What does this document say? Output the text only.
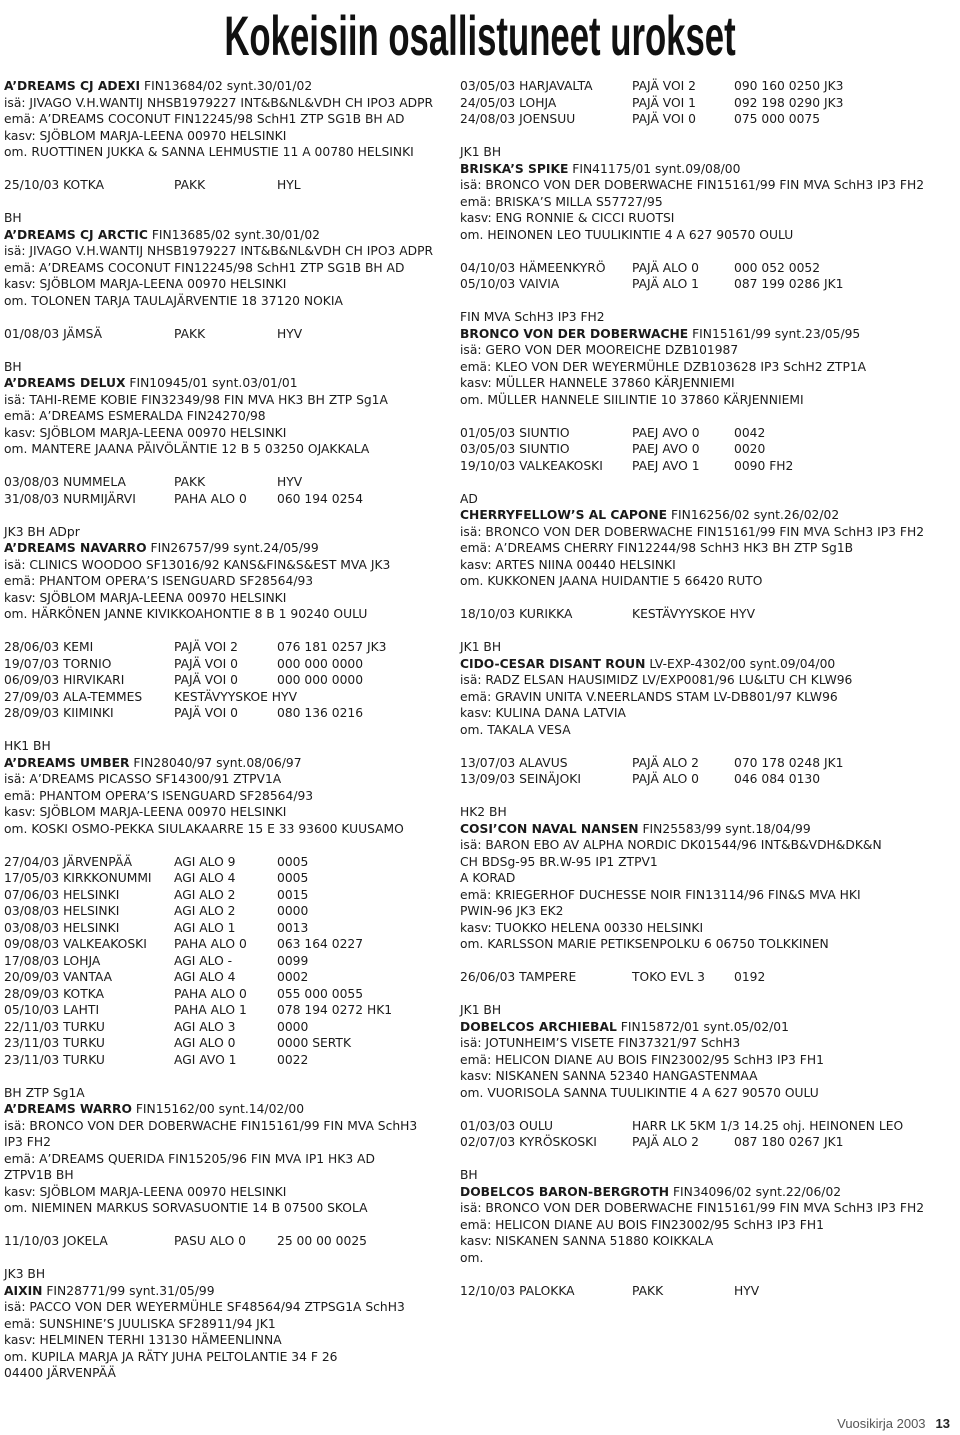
Kokeisiin osallistuneet urokset
A’DREAMS CJ ADEXI FIN13684/02 synt.30/01/02
isä: JIVAGO V.H.WANTIJ NHSB1979227 INT&B&NL&VDH CH IPO3 ADPR
emä: A’DREAMS COCONUT FIN12245/98 SchH1 ZTP SG1B BH AD
kasv: SJÖBLOM MARJA-LEENA 00970 HELSINKI
om. RUOTTINEN JUKKA & SANNA LEHMUSTIE 11 A 00780 HELSINKI
25/10/03 KOTKA	PAKK	HYL
BH
A’DREAMS CJ ARCTIC FIN13685/02 synt.30/01/02
isä: JIVAGO V.H.WANTIJ NHSB1979227 INT&B&NL&VDH CH IPO3 ADPR
emä: A’DREAMS COCONUT FIN12245/98 SchH1 ZTP SG1B BH AD
kasv: SJÖBLOM MARJA-LEENA 00970 HELSINKI
om. TOLONEN TARJA TAULAJÄRVENTIE 18 37120 NOKIA
01/08/03 JÄMSÄ	PAKK	HYV
BH
A’DREAMS DELUX FIN10945/01 synt.03/01/01
isä: TAHI-REME KOBIE FIN32349/98 FIN MVA HK3 BH ZTP Sg1A
emä: A’DREAMS ESMERALDA FIN24270/98
kasv: SJÖBLOM MARJA-LEENA 00970 HELSINKI
om. MANTERE JAANA PÄIVÖLÄNTIE 12 B 5 03250 OJAKKALA
03/08/03 NUMMELA	PAKK	HYV
31/08/03 NURMIJÄRVI	PAHA ALO 0	060 194 0254
JK3 BH ADpr
A’DREAMS NAVARRO FIN26757/99 synt.24/05/99
isä: CLINICS WOODOO SF13016/92 KANS&FIN&S&EST MVA JK3
emä: PHANTOM OPERA’S ISENGUARD SF28564/93
kasv: SJÖBLOM MARJA-LEENA 00970 HELSINKI
om. HÄRKÖNEN JANNE KIVIKKOAHONTIE 8 B 1 90240 OULU
28/06/03 KEMI	PAJÄ VOI 2	076 181 0257 JK3
19/07/03 TORNIO	PAJÄ VOI 0	000 000 0000
06/09/03 HIRVIKARI	PAJÄ VOI 0	000 000 0000
27/09/03 ALA-TEMMES	KESTÄVYYSKOE HYV
28/09/03 KIIMINKI	PAJÄ VOI 0	080 136 0216
HK1 BH
A’DREAMS UMBER FIN28040/97 synt.08/06/97
isä: A’DREAMS PICASSO SF14300/91 ZTPV1A
emä: PHANTOM OPERA’S ISENGUARD SF28564/93
kasv: SJÖBLOM MARJA-LEENA 00970 HELSINKI
om. KOSKI OSMO-PEKKA SIULAKAARRE 15 E 33 93600 KUUSAMO
27/04/03 JÄRVENPÄÄ	AGI ALO 9	0005
17/05/03 KIRKKONUMMI	AGI ALO 4	0005
07/06/03 HELSINKI	AGI ALO 2	0015
03/08/03 HELSINKI	AGI ALO 2	0000
03/08/03 HELSINKI	AGI ALO 1	0013
09/08/03 VALKEAKOSKI	PAHA ALO 0	063 164 0227
17/08/03 LOHJA	AGI ALO -	0099
20/09/03 VANTAA	AGI ALO 4	0002
28/09/03 KOTKA	PAHA ALO 0	055 000 0055
05/10/03 LAHTI	PAHA ALO 1	078 194 0272 HK1
22/11/03 TURKU	AGI ALO 3	0000
23/11/03 TURKU	AGI ALO 0	0000 SERTK
23/11/03 TURKU	AGI AVO 1	0022
BH ZTP Sg1A
A’DREAMS WARRO FIN15162/00 synt.14/02/00
isä: BRONCO VON DER DOBERWACHE FIN15161/99 FIN MVA SchH3
IP3 FH2
emä: A’DREAMS QUERIDA FIN15205/96 FIN MVA IP1 HK3 AD
ZTPV1B BH
kasv: SJÖBLOM MARJA-LEENA 00970 HELSINKI
om. NIEMINEN MARKUS SORVASUONTIE 14 B 07500 SKOLA
11/10/03 JOKELA	PASU ALO 0	25 00 00 0025
JK3 BH
AIXIN FIN28771/99 synt.31/05/99
isä: PACCO VON DER WEYERMÜHLE SF48564/94 ZTPSG1A SchH3
emä: SUNSHINE’S JUULISKA SF28911/94 JK1
kasv: HELMINEN TERHI 13130 HÄMEENLINNA
om. KUPILA MARJA JA RÄTY JUHA PELTOLANTIE 34 F 26
04400 JÄRVENPÄÄ
03/05/03 HARJAVALTA	PAJÄ VOI 2	090 160 0250 JK3
24/05/03 LOHJA	PAJÄ VOI 1	092 198 0290 JK3
24/08/03 JOENSUU	PAJÄ VOI 0	075 000 0075
JK1 BH
BRISKA’S SPIKE FIN41175/01 synt.09/08/00
isä: BRONCO VON DER DOBERWACHE FIN15161/99 FIN MVA SchH3 IP3 FH2
emä: BRISKA’S MILLA S57727/95
kasv: ENG RONNIE & CICCI RUOTSI
om. HEINONEN LEO TUULIKINTIE 4 A 627 90570 OULU
04/10/03 HÄMEENKYRÖ	PAJÄ ALO 0	000 052 0052
05/10/03 VAIVIA	PAJÄ ALO 1	087 199 0286 JK1
FIN MVA SchH3 IP3 FH2
BRONCO VON DER DOBERWACHE FIN15161/99 synt.23/05/95
isä: GERO VON DER MOOREICHE DZB101987
emä: KLEO VON DER WEYERMÜHLE DZB103628 IP3 SchH2 ZTP1A
kasv: MÜLLER HANNELE 37860 KÄRJENNIEMI
om. MÜLLER HANNELE SIILINTIE 10 37860 KÄRJENNIEMI
01/05/03 SIUNTIO	PAEJ AVO 0	0042
03/05/03 SIUNTIO	PAEJ AVO 0	0020
19/10/03 VALKEAKOSKI	PAEJ AVO 1	0090 FH2
AD
CHERRYFELLOW’S AL CAPONE FIN16256/02 synt.26/02/02
isä: BRONCO VON DER DOBERWACHE FIN15161/99 FIN MVA SchH3 IP3 FH2
emä: A’DREAMS CHERRY FIN12244/98 SchH3 HK3 BH ZTP Sg1B
kasv: ARTES NIINA 00440 HELSINKI
om. KUKKONEN JAANA HUIDANTIE 5 66420 RUTO
18/10/03 KURIKKA	KESTÄVYYSKOE HYV
JK1 BH
CIDO-CESAR DISANT ROUN LV-EXP-4302/00 synt.09/04/00
isä: RADZ ELSAN HAUSIMIDZ LV/EXP0081/96 LU&LTU CH KLW96
emä: GRAVIN UNITA V.NEERLANDS STAM LV-DB801/97 KLW96
kasv: KULINA DANA LATVIA
om. TAKALA VESA
13/07/03 ALAVUS	PAJÄ ALO 2	070 178 0248 JK1
13/09/03 SEINÄJOKI	PAJÄ ALO 0	046 084 0130
HK2 BH
COSI’CON NAVAL NANSEN FIN25583/99 synt.18/04/99
isä: BARON EBO AV ALPHA NORDIC DK01544/96 INT&B&VDH&DK&N
CH BDSg-95 BR.W-95 IP1 ZTPV1
A KORAD
emä: KRIEGERHOF DUCHESSE NOIR FIN13114/96 FIN&S MVA HKI
PWIN-96 JK3 EK2
kasv: TUOKKO HELENA 00330 HELSINKI
om. KARLSSON MARIE PETIKSENPOLKU 6 06750 TOLKKINEN
26/06/03 TAMPERE	TOKO EVL 3	0192
JK1 BH
DOBELCOS ARCHIEBAL FIN15872/01 synt.05/02/01
isä: JOTUNHEIM’S VISETE FIN37321/97 SchH3
emä: HELICON DIANE AU BOIS FIN23002/95 SchH3 IP3 FH1
kasv: NISKANEN SANNA 52340 HANGASTENMAA
om. VUORISOLA SANNA TUULIKINTIE 4 A 627 90570 OULU
01/03/03 OULU	HARR LK 5KM 1/3 14.25 ohj. HEINONEN LEO
02/07/03 KYRÖSKOSKI	PAJÄ ALO 2	087 180 0267 JK1
BH
DOBELCOS BARON-BERGROTH FIN34096/02 synt.22/06/02
isä: BRONCO VON DER DOBERWACHE FIN15161/99 FIN MVA SchH3 IP3 FH2
emä: HELICON DIANE AU BOIS FIN23002/95 SchH3 IP3 FH1
kasv: NISKANEN SANNA 51880 KOIKKALA
om.
12/10/03 PALOKKA	PAKK	HYV
Vuosikirja 2003 13
